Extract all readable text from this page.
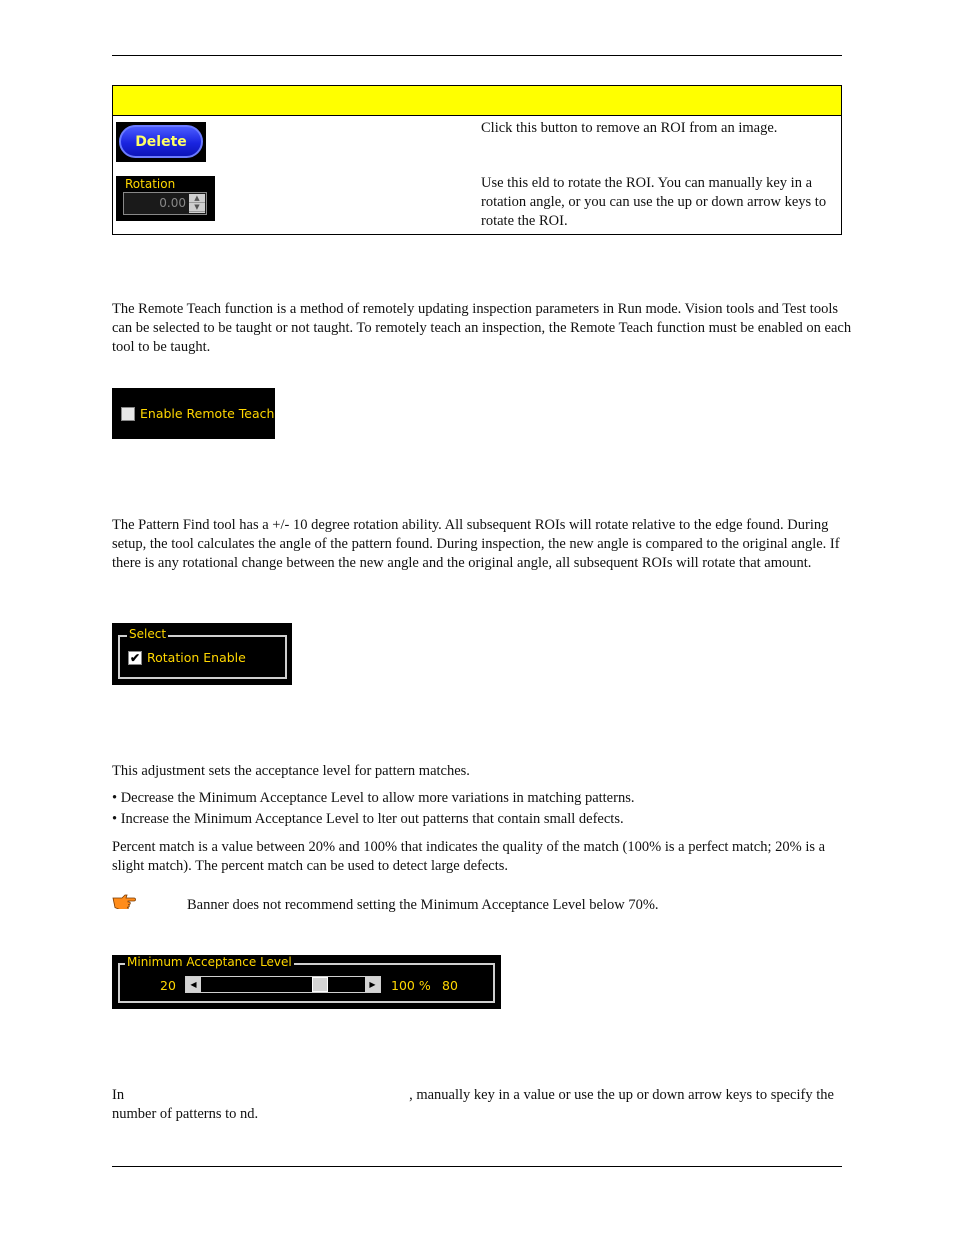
Delete
Click this button to remove an ROI from an image.
Rotation
0.00	▲
▼
Use this eld to rotate the ROI. You can manually key in a rotation angle, or you can use the up or down arrow keys to rotate the ROI.
The Remote Teach function is a method of remotely updating inspection parameters in Run mode. Vision tools and Test tools can be selected to be taught or not taught. To remotely teach an inspection, the Remote Teach function must be enabled on each tool to be taught.
Enable Remote Teach
The Pattern Find tool has a +/- 10 degree rotation ability. All subsequent ROIs will rotate relative to the edge found. During setup, the tool calculates the angle of the pattern found. During inspection, the new angle is compared to the original angle. If there is any rotational change between the new angle and the original angle, all subsequent ROIs will rotate that amount.
Select
✔ Rotation Enable
This adjustment sets the acceptance level for pattern matches.
• Decrease the Minimum Acceptance Level to allow more variations in matching patterns.
• Increase the Minimum Acceptance Level to lter out patterns that contain small defects.
Percent match is a value between 20% and 100% that indicates the quality of the match (100% is a perfect match; 20% is a slight match). The percent match can be used to detect large defects.
Banner does not recommend setting the Minimum Acceptance Level below 70%.
Minimum Acceptance Level
20	◀	▶	100 % 80
In	, manually key in a value or use the up or down arrow keys to specify the number of patterns to nd.
